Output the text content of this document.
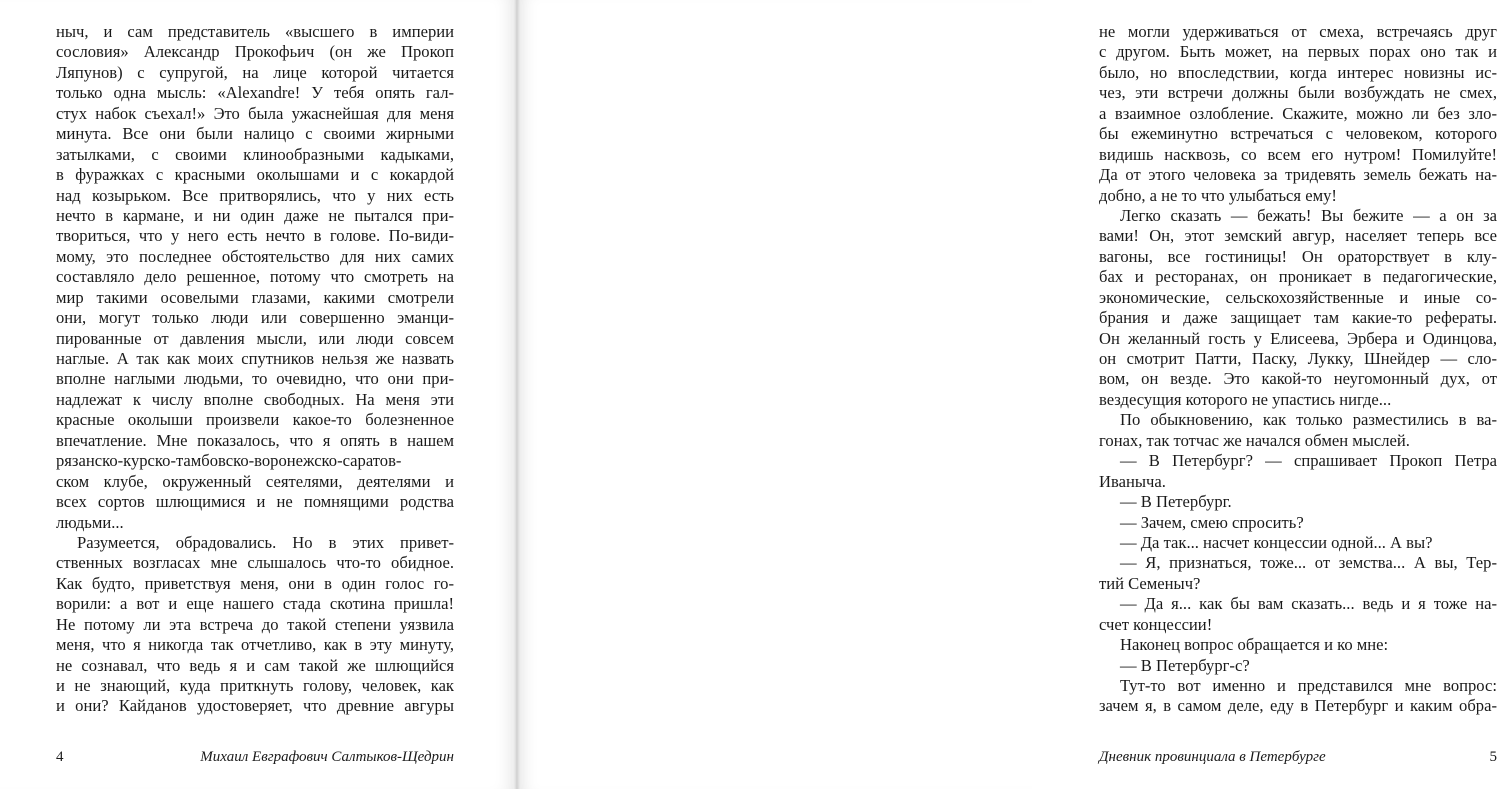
ныч, и сам представитель «высшего в империи
сословия» Александр Прокофьич (он же Прокоп
Ляпунов) с супругой, на лице которой читается
только одна мысль: «Alexandre! У тебя опять гал-
стух набок съехал!» Это была ужаснейшая для меня
минута. Все они были налицо с своими жирными
затылками, с своими клинообразными кадыками,
в фуражках с красными околышами и с кокардой
над козырьком. Все притворялись, что у них есть
нечто в кармане, и ни один даже не пытался при-
твориться, что у него есть нечто в голове. По-види-
мому, это последнее обстоятельство для них самих
составляло дело решенное, потому что смотреть на
мир такими осовелыми глазами, какими смотрели
они, могут только люди или совершенно эманци-
пированные от давления мысли, или люди совсем
наглые. А так как моих спутников нельзя же назвать
вполне наглыми людьми, то очевидно, что они при-
надлежат к числу вполне свободных. На меня эти
красные околыши произвели какое-то болезненное
впечатление. Мне показалось, что я опять в нашем
рязанско-курско-тамбовско-воронежско-саратов-
ском клубе, окруженный сеятелями, деятелями и
всех сортов шлющимися и не помнящими родства
людьми...
Разумеется, обрадовались. Но в этих привет-
ственных возгласах мне слышалось что-то обидное.
Как будто, приветствуя меня, они в один голос го-
ворили: а вот и еще нашего стада скотина пришла!
Не потому ли эта встреча до такой степени уязвила
меня, что я никогда так отчетливо, как в эту минуту,
не сознавал, что ведь я и сам такой же шлющийся
и не знающий, куда приткнуть голову, человек, как
и они? Кайданов удостоверяет, что древние авгуры
4	Михаил Евграфович Салтыков-Щедрин
не могли удерживаться от смеха, встречаясь друг
с другом. Быть может, на первых порах оно так и
было, но впоследствии, когда интерес новизны ис-
чез, эти встречи должны были возбуждать не смех,
а взаимное озлобление. Скажите, можно ли без зло-
бы ежеминутно встречаться с человеком, которого
видишь насквозь, со всем его нутром! Помилуйте!
Да от этого человека за тридевять земель бежать на-
добно, а не то что улыбаться ему!
Легко сказать — бежать! Вы бежите — а он за
вами! Он, этот земский авгур, населяет теперь все
вагоны, все гостиницы! Он ораторствует в клу-
бах и ресторанах, он проникает в педагогические,
экономические, сельскохозяйственные и иные со-
брания и даже защищает там какие-то рефераты.
Он желанный гость у Елисеева, Эрбера и Одинцова,
он смотрит Патти, Паску, Лукку, Шнейдер — сло-
вом, он везде. Это какой-то неугомонный дух, от
вездесущия которого не упастись нигде...
По обыкновению, как только разместились в ва-
гонах, так тотчас же начался обмен мыслей.
— В Петербург? — спрашивает Прокоп Петра
Иваныча.
— В Петербург.
— Зачем, смею спросить?
— Да так... насчет концессии одной... А вы?
— Я, признаться, тоже... от земства... А вы, Тер-
тий Семеныч?
— Да я... как бы вам сказать... ведь и я тоже на-
счет концессии!
Наконец вопрос обращается и ко мне:
— В Петербург-с?
Тут-то вот именно и представился мне вопрос:
зачем я, в самом деле, еду в Петербург и каким обра-
Дневник провинциала в Петербурге	5
